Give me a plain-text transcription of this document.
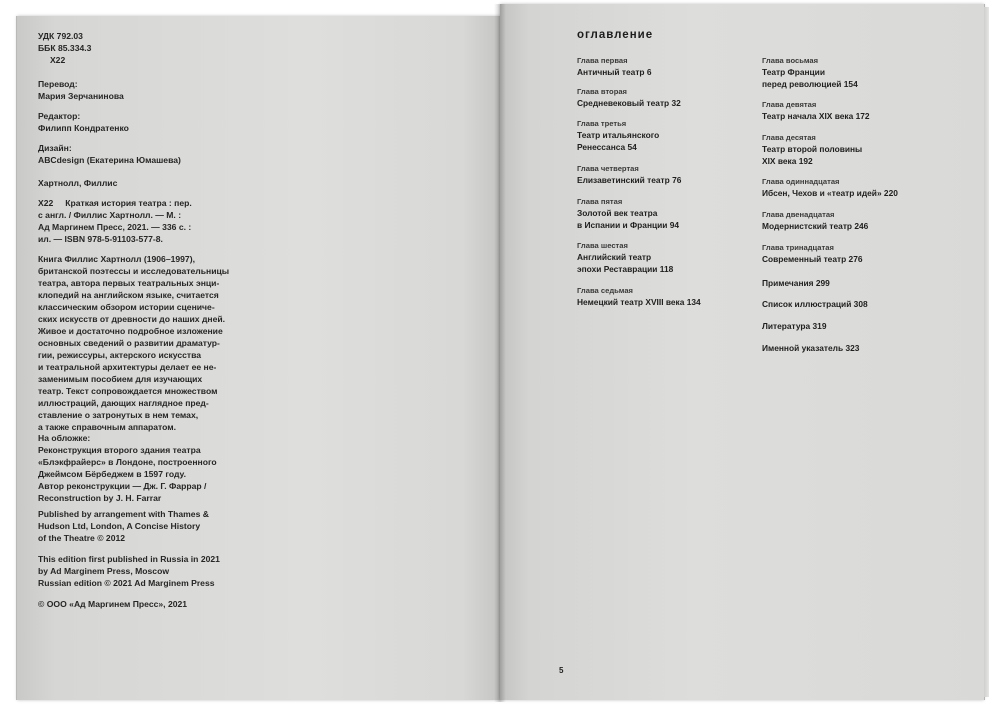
УДК 792.03

ББК 85.334.3

Х22

Перевод:

Мария Зерчанинова

Редактор:

Филипп Кондратенко

Дизайн:

ABCdesign (Екатерина Юмашева)

Хартнолл, Филлис

Х22     Краткая история театра : пер.

с англ. / Филлис Хартнолл. — М. :

Ад Маргинем Пресс, 2021. — 336 с. :

ил. — ISBN 978-5-91103-577-8.

Книга Филлис Хартнолл (1906–1997),

британской поэтессы и исследовательницы

театра, автора первых театральных энци-

клопедий на английском языке, считается

классическим обзором истории сцениче-

ских искусств от древности до наших дней.

Живое и достаточно подробное изложение

основных сведений о развитии драматур-

гии, режиссуры, актерского искусства

и театральной архитектуры делает ее не-

заменимым пособием для изучающих

театр. Текст сопровождается множеством

иллюстраций, дающих наглядное пред-

ставление о затронутых в нем темах,

а также справочным аппаратом.

На обложке:

Реконструкция второго здания театра

«Блэкфрайерс» в Лондоне, построенного

Джеймсом Бёрбеджем в 1597 году.

Автор реконструкции — Дж. Г. Фаррар /

Reconstruction by J. H. Farrar

Published by arrangement with Thames &

Hudson Ltd, London, A Concise History

of the Theatre © 2012

This edition first published in Russia in 2021

by Ad Marginem Press, Moscow

Russian edition © 2021 Ad Marginem Press

© ООО «Ад Маргинем Пресс», 2021

оглавление
Глава первая
Античный театр 6
Глава вторая
Средневековый театр 32
Глава третья
Театр итальянского
Ренессанса 54
Глава четвертая
Елизаветинский театр 76
Глава пятая
Золотой век театра
в Испании и Франции 94
Глава шестая
Английский театр
эпохи Реставрации 118
Глава седьмая
Немецкий театр XVIII века 134
Глава восьмая
Театр Франции
перед революцией 154
Глава девятая
Театр начала XIX века 172
Глава десятая
Театр второй половины
XIX века 192
Глава одиннадцатая
Ибсен, Чехов и «театр идей» 220
Глава двенадцатая
Модернистский театр 246
Глава тринадцатая
Современный театр 276
Примечания 299
Список иллюстраций 308
Литература 319
Именной указатель 323
5
